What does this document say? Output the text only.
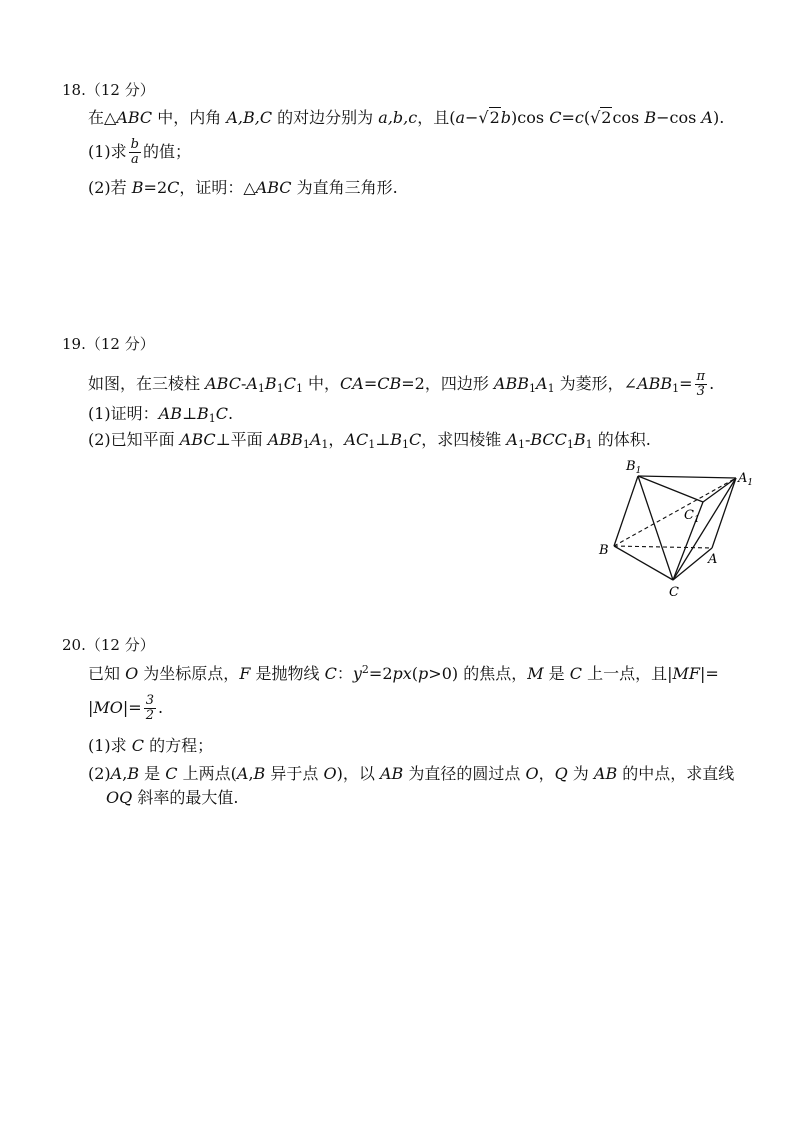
18.（12 分）
在△ABC 中，内角 A,B,C 的对边分别为 a,b,c，且(a−√2b)cos C=c(√2cos B−cos A).
(1)求 $\frac{b}{a}$ 的值；
(2)若 B=2C，证明：△ABC 为直角三角形.
19.（12 分）
如图，在三棱柱 ABC-$A_1B_1C_1$ 中，CA=CB=2，四边形 $ABB_1A_1$ 为菱形，$\angle ABB_1= \frac{\pi}{3}$ .
(1)证明：$AB\perp B_1C$.
(2)已知平面 ABC⊥平面 $ABB_1A_1$，$AC_1\perp B_1C$，求四棱锥 $A_1-BCC_1B_1$ 的体积.
$B_1$	$A_1$
$C_1$
B
A
C
20.（12 分）
已知 O 为坐标原点，F 是抛物线 C：$y^2=2px(p>0)$ 的焦点，M 是 C 上一点，且|MF|=
$|MO|= \frac{3}{2}$ .
(1)求 C 的方程；
(2)A,B 是 C 上两点(A,B 异于点 O)，以 AB 为直径的圆过点 O，Q 为 AB 的中点，求直线
OQ 斜率的最大值.
